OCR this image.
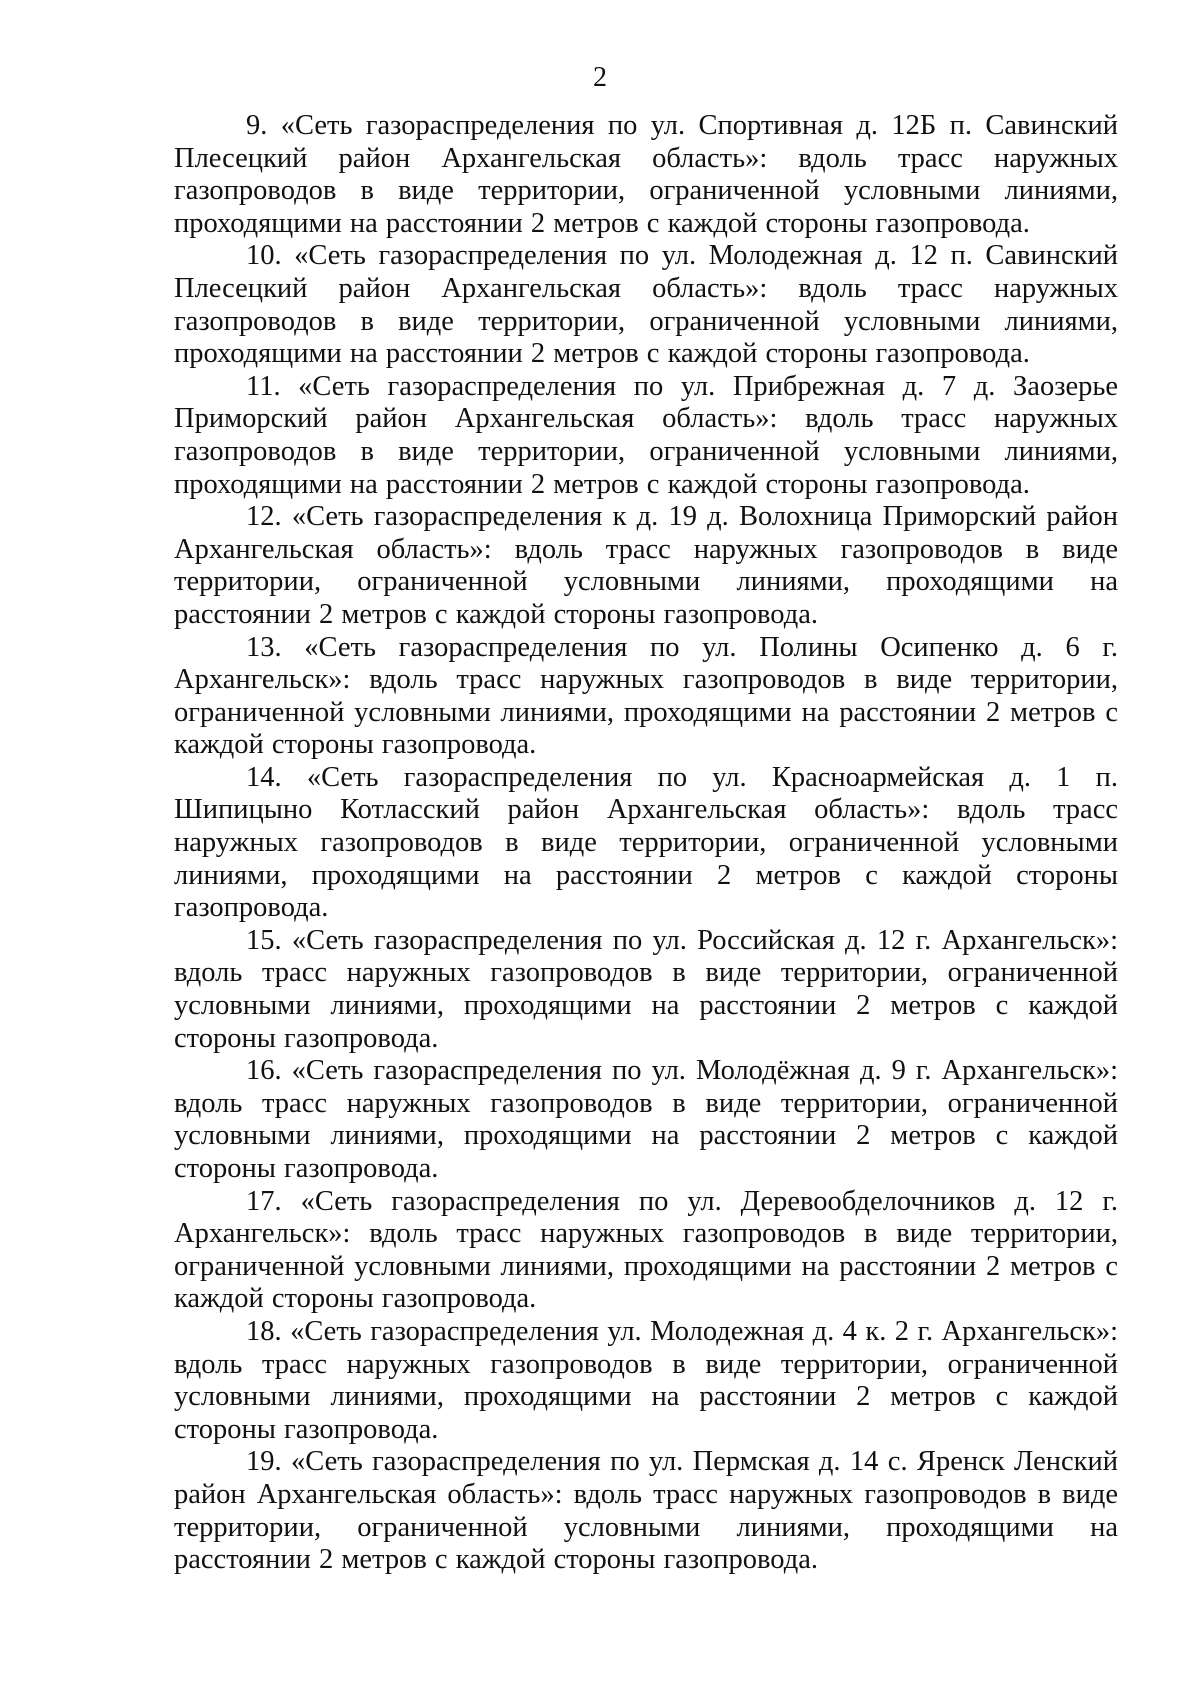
2

9. «Сеть газораспределения по ул. Спортивная д. 12Б п. Савинский Плесецкий район Архангельская область»: вдоль трасс наружных газопроводов в виде территории, ограниченной условными линиями, проходящими на расстоянии 2 метров с каждой стороны газопровода.

10. «Сеть газораспределения по ул. Молодежная д. 12 п. Савинский Плесецкий район Архангельская область»: вдоль трасс наружных газопроводов в виде территории, ограниченной условными линиями, проходящими на расстоянии 2 метров с каждой стороны газопровода.

11. «Сеть газораспределения по ул. Прибрежная д. 7 д. Заозерье Приморский район Архангельская область»: вдоль трасс наружных газопроводов в виде территории, ограниченной условными линиями, проходящими на расстоянии 2 метров с каждой стороны газопровода.

12. «Сеть газораспределения к д. 19 д. Волохница Приморский район Архангельская область»: вдоль трасс наружных газопроводов в виде территории, ограниченной условными линиями, проходящими на расстоянии 2 метров с каждой стороны газопровода.

13. «Сеть газораспределения по ул. Полины Осипенко д. 6 г. Архангельск»: вдоль трасс наружных газопроводов в виде территории, ограниченной условными линиями, проходящими на расстоянии 2 метров с каждой стороны газопровода.

14. «Сеть газораспределения по ул. Красноармейская д. 1 п. Шипицыно Котласский район Архангельская область»: вдоль трасс наружных газопроводов в виде территории, ограниченной условными линиями, проходящими на расстоянии 2 метров с каждой стороны газопровода.

15. «Сеть газораспределения по ул. Российская д. 12 г. Архангельск»: вдоль трасс наружных газопроводов в виде территории, ограниченной условными линиями, проходящими на расстоянии 2 метров с каждой стороны газопровода.

16. «Сеть газораспределения по ул. Молодёжная д. 9 г. Архангельск»: вдоль трасс наружных газопроводов в виде территории, ограниченной условными линиями, проходящими на расстоянии 2 метров с каждой стороны газопровода.

17. «Сеть газораспределения по ул. Деревообделочников д. 12 г. Архангельск»: вдоль трасс наружных газопроводов в виде территории, ограниченной условными линиями, проходящими на расстоянии 2 метров с каждой стороны газопровода.

18. «Сеть газораспределения ул. Молодежная д. 4 к. 2 г. Архангельск»: вдоль трасс наружных газопроводов в виде территории, ограниченной условными линиями, проходящими на расстоянии 2 метров с каждой стороны газопровода.

19. «Сеть газораспределения по ул. Пермская д. 14 с. Яренск Ленский район Архангельская область»: вдоль трасс наружных газопроводов в виде территории, ограниченной условными линиями, проходящими на расстоянии 2 метров с каждой стороны газопровода.
